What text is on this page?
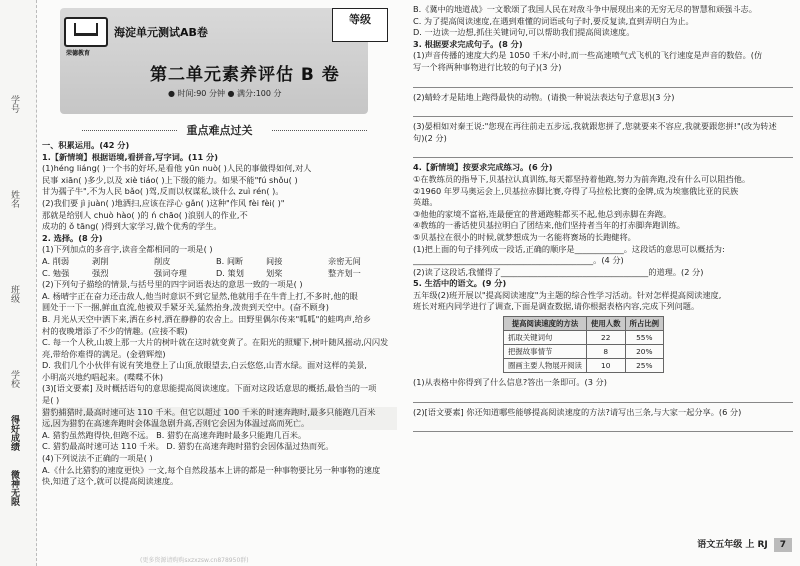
学号
姓名
班级
学校
微神无限
得好成绩
海淀单元测试AB卷
荣德教育
等级
第二单元素养评估 B 卷
● 时间:90 分钟 ● 满分:100 分
重点难点过关
一、积累运用。(42 分)
1.【新情境】根据语境,看拼音,写字词。(11 分)
(1)héng liáng( )一个书的好坏,是看他 yūn nuò( )人民的事做得如何,对人
民事 xiān( )多少,以及 xiè tiáo( )上下级的能力。如果不能"fú shǒu( )
甘为孺子牛",不为人民 bǎo( )驾,反而以权谋私,谈什么 zuì rén( )。
(2)我们要 jì juàn( )地洒扫,应该在浮心 gǎn( )这种"作风 fèi fèi( )"
那就是给别人 chuò hào( )的 ń chāo( )浪别人的作业,不
成功的 ǒ tāng( )得到大家学习,做个优秀的学生。
2. 选择。(8 分)
(1)下列加点的多音字,读音全都相同的一项是( )
A. 削弱	剥削	削皮	B. 间断	间接	亲密无间
C. 勉强	强烈	强词夺理	D. 策划	划桨	整齐划一
(2)下列句子描绘的情景,与括号里的四字词语表达的意思一致的一项是( )
A. 杨晴宇正在奋力还击敌人,他当时意识不到它显然,他就用手在牛背上打,不多时,他的眼
圆处于一下一捆,鲜血直流,他被双手紧牙关,猛然抬身,泼贵到天空中。(奋不顾身)
B. 月光从天空中洒下来,洒在乡村,洒在静静的农舍上。田野里偶尔传来"呱呱"的蛙鸣声,给乡
村的夜晚增添了不少的情趣。(应接不暇)
C. 每一个人秋,山坡上那一大片的树叶就在这时就变黄了。在阳光的照耀下,树叶随风摇动,闪闪发
亮,带给你难得的满足。(金碧辉煌)
D. 我们几个小伙伴有说有笑地登上了山顶,放眼望去,白云悠悠,山青水绿。面对这样的美景,
小明高兴地约唱起来。(喋喋不休)
(3)[语文要素] 及时概括语句的意思能提高阅读速度。下面对这段话意思的概括,最恰当的一项
是( )
猎豹捕猎时,最高时速可达 110 千米。但它以超过 100 千米的时速奔跑时,最多只能跑几百米
远,因为猎豹在高速奔跑时会体温急剧升高,否则它会因为体温过高而死亡。
A. 猎豹虽然跑得快,但跑不远。 B. 猎豹在高速奔跑时最多只能跑几百米。
C. 猎豹最高时速可达 110 千米。 D. 猎豹在高速奔跑时猎豹会因体温过热而死。
(4)下列说法不正确的一项是( )
A.《什么比猎豹的速度更快》一文,每个自然段基本上讲的都是一种事物要比另一种事物的速度
快,知道了这个,就可以提高阅读速度。
B.《冀中的地道战》一文歌颂了我国人民在对敌斗争中展现出来的无穷无尽的智慧和顽强斗志。
C. 为了提高阅读速度,在遇到难懂的词语或句子时,要反复读,直到弄明白为止。
D. 一边读一边想,抓住关键词句,可以帮助我们提高阅读速度。
3. 根据要求完成句子。(8 分)
(1)声音传播的速度大约是 1050 千米/小时,而一些高速喷气式飞机的飞行速度是声音的数倍。(仿
写一个将两种事物进行比较的句子)(3 分)
(2)蜻蛉才是陆地上跑得最快的动物。(请换一种说法表达句子意思)(3 分)
(3)晏相如对秦王说:"您现在再往前走五步远,我就跟您拼了,您就要来不容应,我就要跟您拼!"(改为转述
句)(2 分)
4.【新情境】按要求完成练习。(6 分)
①在教练员的指导下,贝基拉认真训练,每天都坚持着他跑,努力为前奔跑,没有什么可以阻挡他。
②1960 年罗马奥运会上,贝基拉赤脚比赛,夺得了马拉松比赛的金牌,成为埃塞俄比亚的民族
英雄。
③他他的家境不富裕,连最便宜的普通跑鞋都买不起,他总到赤脚在奔跑。
④教练的一番话使贝基拉明白了团结来,他们坚持者当年的打赤脚奔跑训练。
⑤贝基拉在很小的时候,就梦想成为一名能将赛场的长跑健将。
(1)把上面的句子排列成一段话,正确的顺序是____________。这段话的意思可以概括为:
____________________________________________。(4 分)
(2)读了这段话,我懂得了____________________________________的道理。(2 分)
5. 生活中的语文。(9 分)
五年级(2)班开展以"提高阅读速度"为主题的综合性学习活动。针对怎样提高阅读速度,
班长对班内同学进行了调查,下面是调查数据,请你根据表格内容,完成下列问题。
提高阅读速度的方法	使用人数	所占比例
抓取关键词句	22	55%
把握故事情节	8	20%
圈画主要人物展开阅读	10	25%
(1)从表格中你得到了什么信息?答出一条即可。(3 分)
(2)[语文要素] 你还知道哪些能够提高阅读速度的方法?请写出三条,与大家一起分享。(6 分)
语文五年级 上 RJ 7
(更多资源请购购sxzxzsw.cn878950群)
